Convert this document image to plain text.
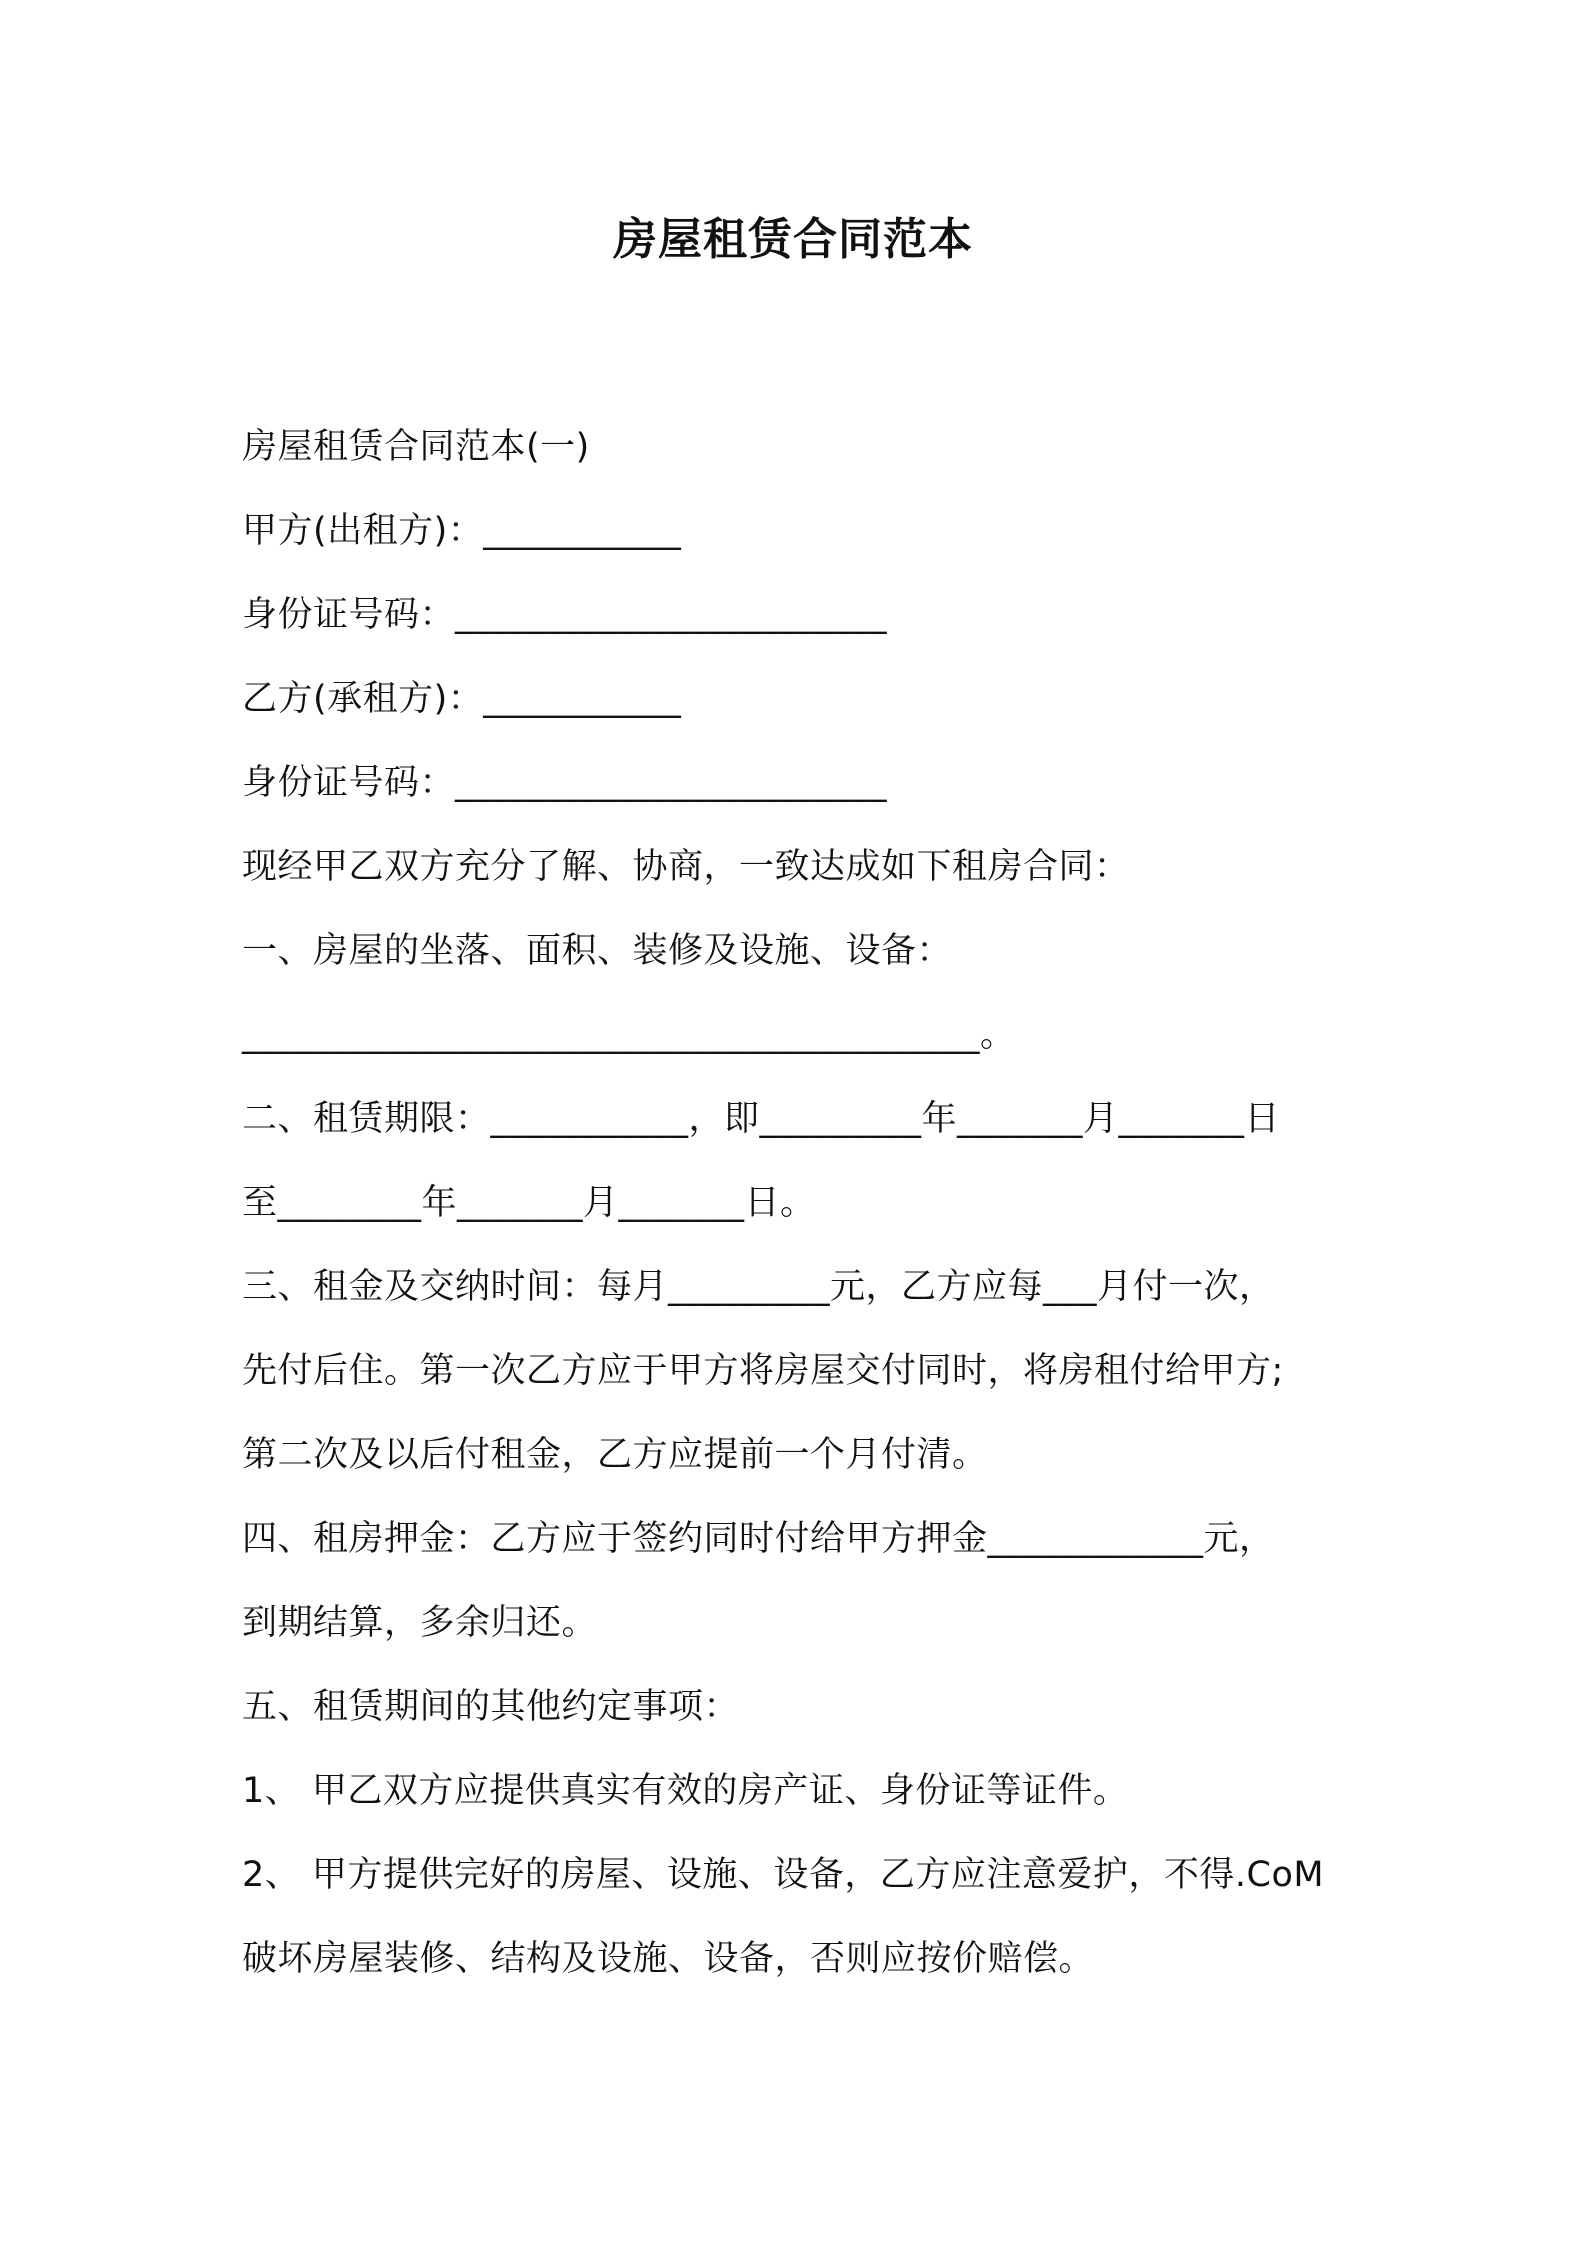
房屋租赁合同范本
房屋租赁合同范本(一)
甲方(出租方)：___________
身份证号码：________________________
乙方(承租方)：___________
身份证号码：________________________
现经甲乙双方充分了解、协商，一致达成如下租房合同：
一、房屋的坐落、面积、装修及设施、设备：
_________________________________________。
二、租赁期限：___________，即_________年_______月_______日
至________年_______月_______日。
三、租金及交纳时间：每月_________元，乙方应每___月付一次，
先付后住。第一次乙方应于甲方将房屋交付同时，将房租付给甲方;
第二次及以后付租金，乙方应提前一个月付清。
四、租房押金：乙方应于签约同时付给甲方押金____________元，
到期结算，多余归还。
五、租赁期间的其他约定事项：
1、 甲乙双方应提供真实有效的房产证、身份证等证件。
2、 甲方提供完好的房屋、设施、设备，乙方应注意爱护，不得.CoM
破坏房屋装修、结构及设施、设备，否则应按价赔偿。
